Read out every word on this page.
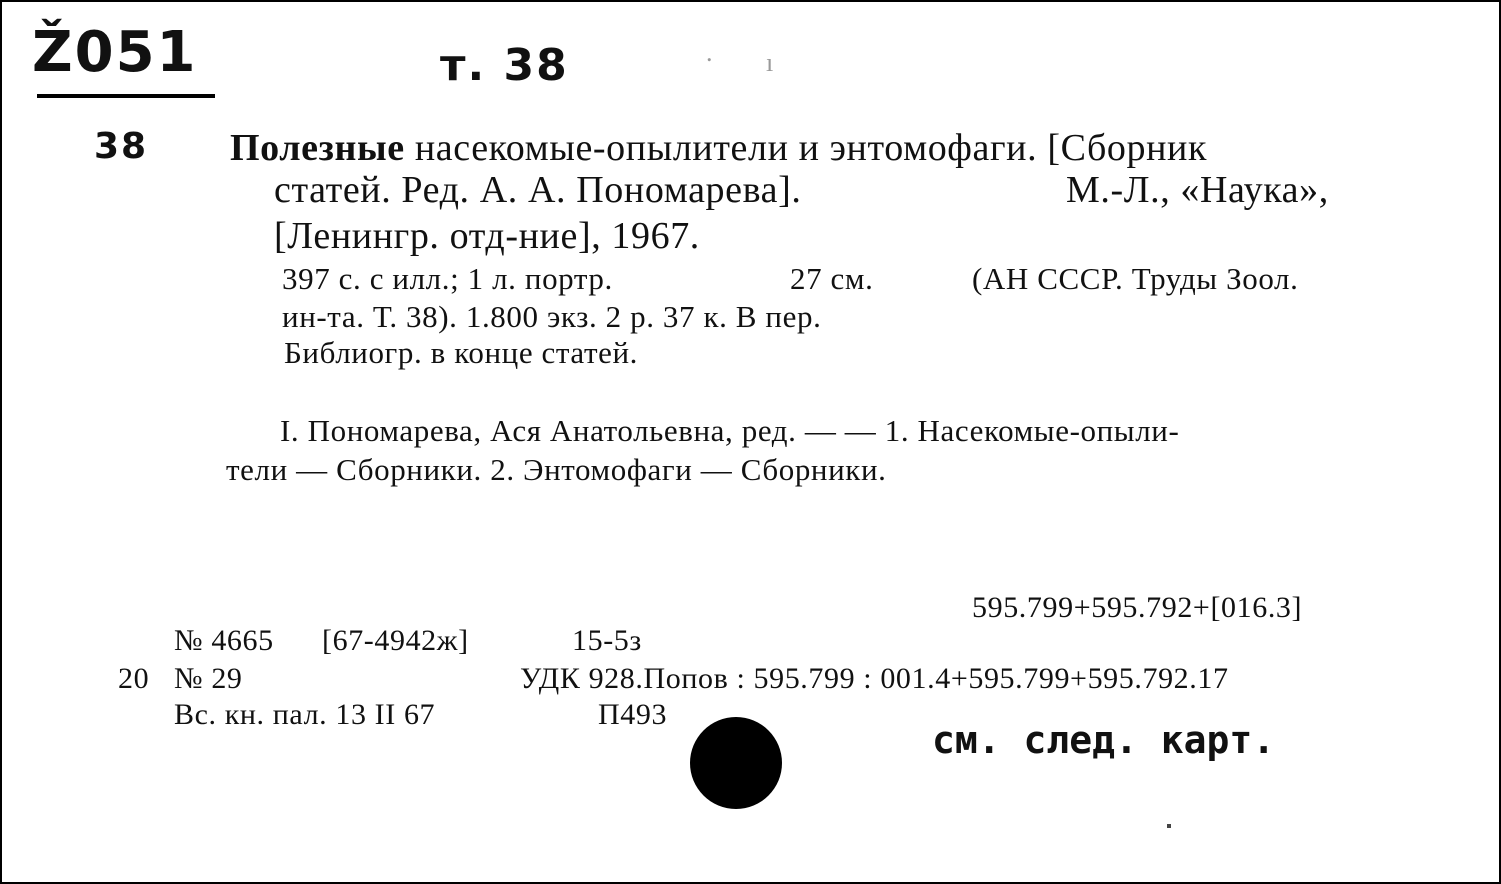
Ž051	т. 38
38
. ı
Полезные насекомые-опылители и энтомофаги. [Сборник
статей. Ред. А. А. Пономарева].	М.-Л., «Наука»,
[Ленингр. отд-ние], 1967.
397 с. с илл.; 1 л. портр.	27 см.	(АН СССР. Труды Зоол.
ин-та. Т. 38). 1.800 экз. 2 р. 37 к. В пер.
Библиогр. в конце статей.
I. Пономарева, Ася Анатольевна, ред. — — 1. Насекомые-опыли-
тели — Сборники. 2. Энтомофаги — Сборники.
595.799+595.792+[016.3]
№ 4665 [67-4942ж]	15-5з
20 № 29	УДК 928.Попов : 595.799 : 001.4+595.799+595.792.17
Вс. кн. пал. 13 II 67	П493
см. след. карт.
